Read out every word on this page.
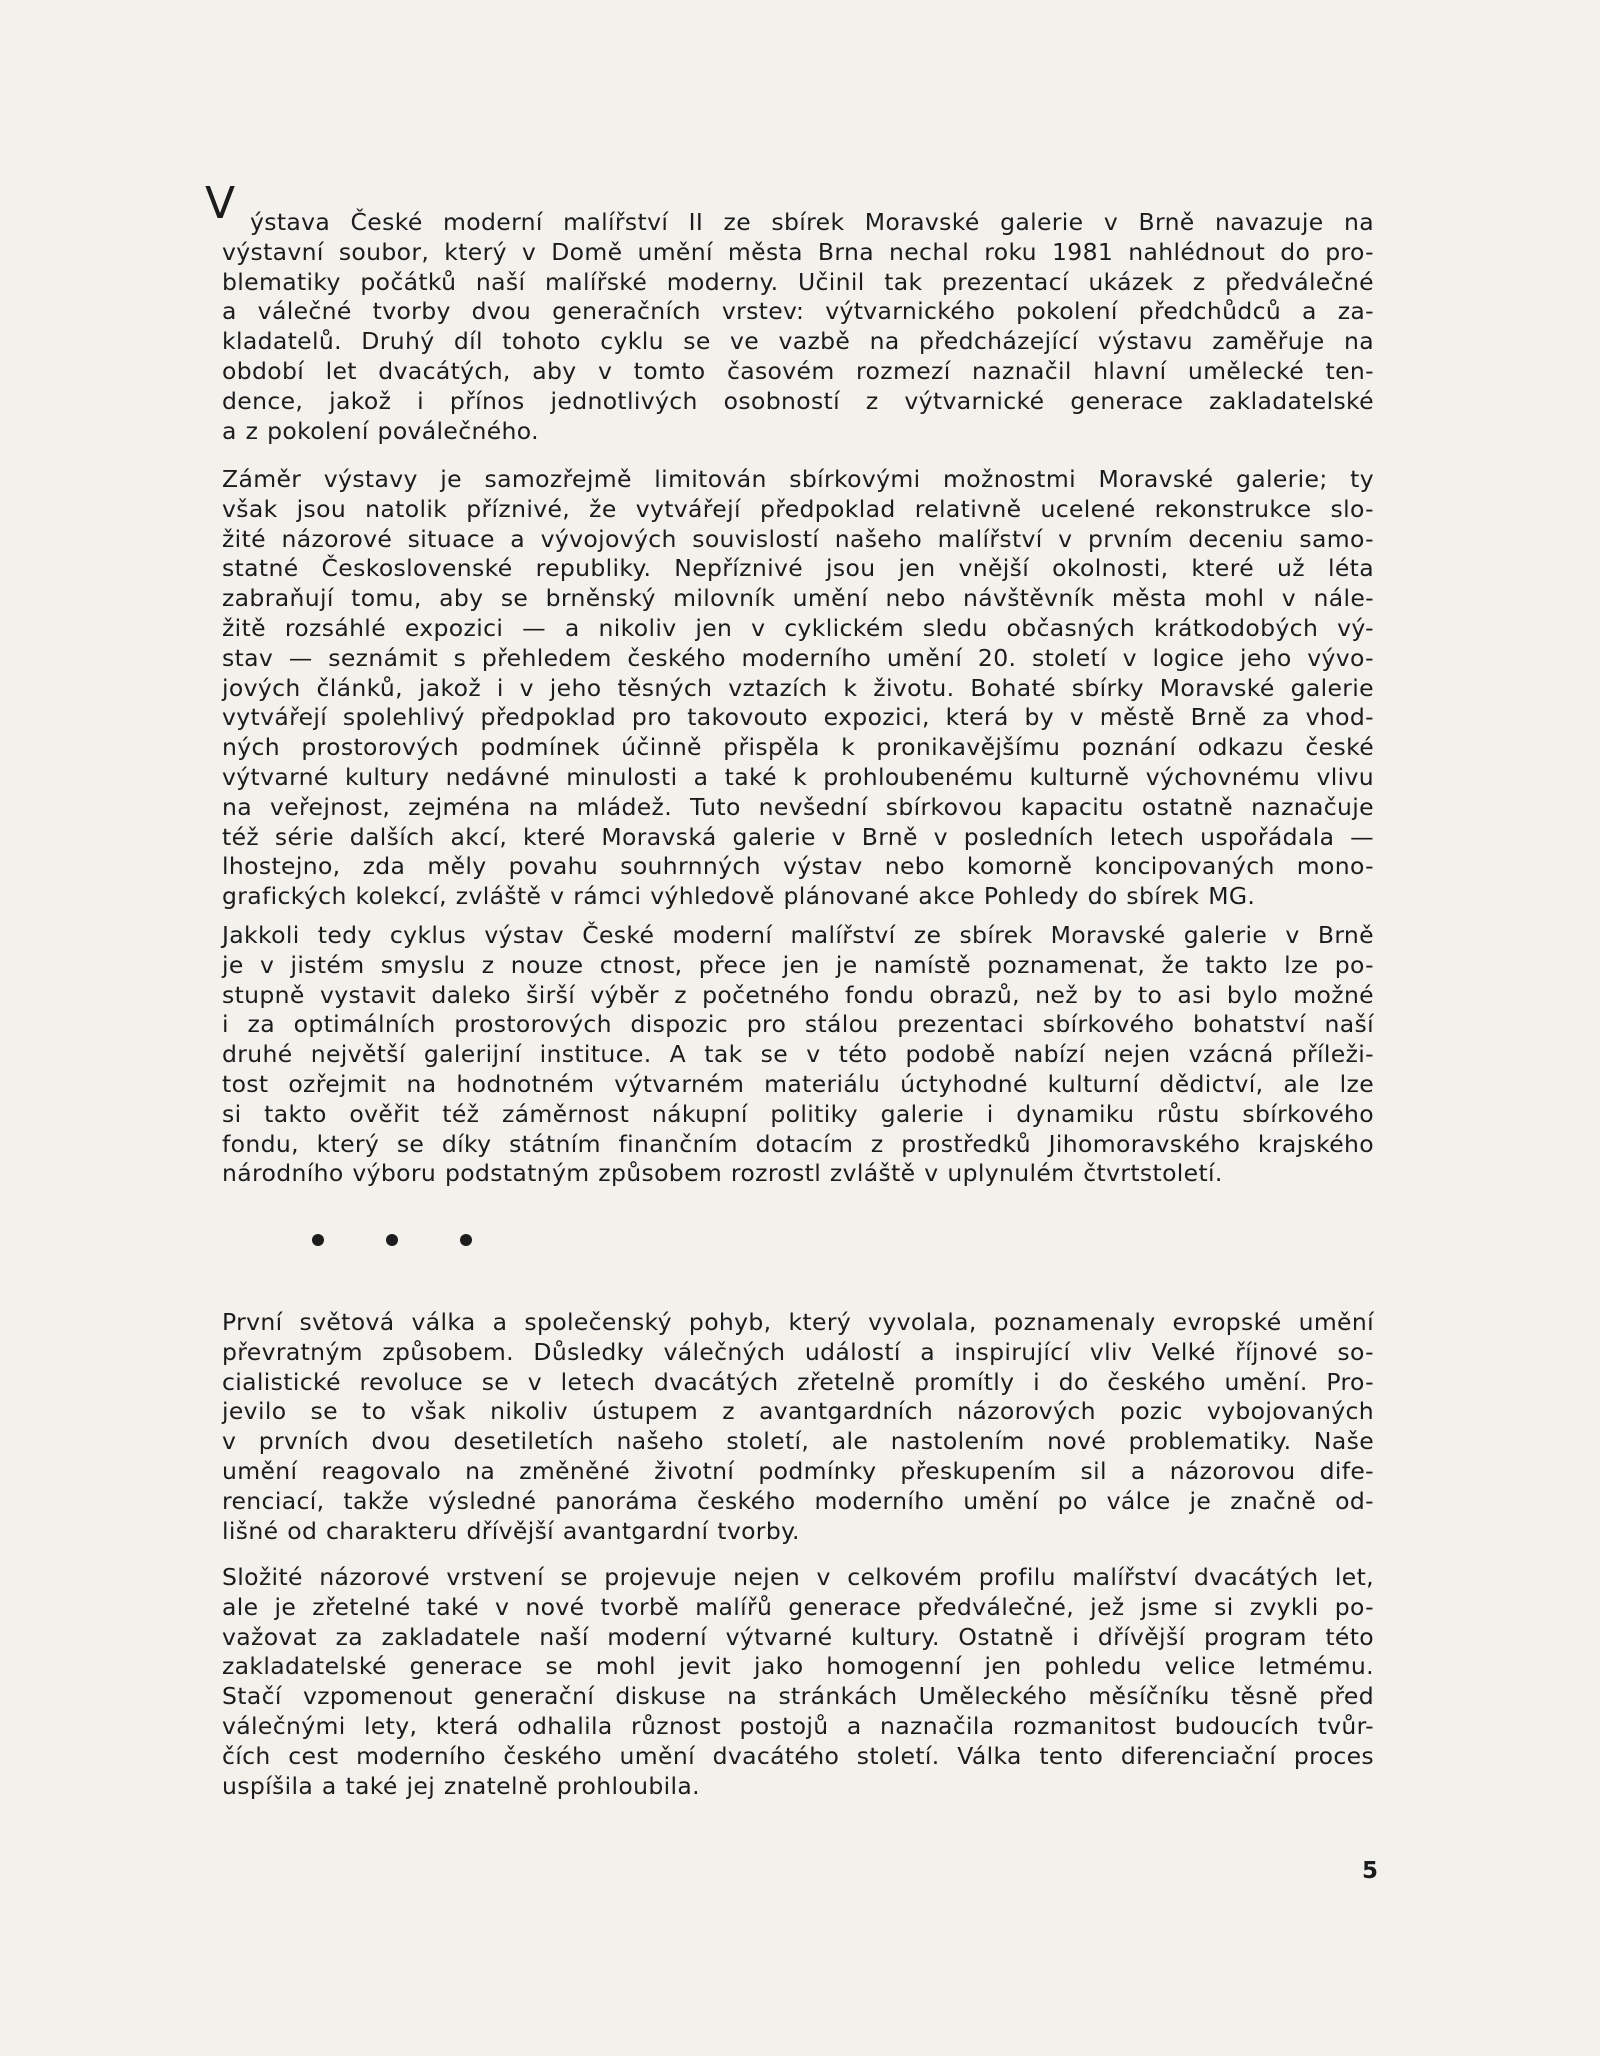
V ýstava České moderní malířství II ze sbírek Moravské galerie v Brně navazuje na
výstavní soubor, který v Domě umění města Brna nechal roku 1981 nahlédnout do pro-
blematiky počátků naší malířské moderny. Učinil tak prezentací ukázek z předválečné
a válečné tvorby dvou generačních vrstev: výtvarnického pokolení předchůdců a za-
kladatelů. Druhý díl tohoto cyklu se ve vazbě na předcházející výstavu zaměřuje na
období let dvacátých, aby v tomto časovém rozmezí naznačil hlavní umělecké ten-
dence, jakož i přínos jednotlivých osobností z výtvarnické generace zakladatelské
a z pokolení poválečného.

Záměr výstavy je samozřejmě limitován sbírkovými možnostmi Moravské galerie; ty
však jsou natolik příznivé, že vytvářejí předpoklad relativně ucelené rekonstrukce slo-
žité názorové situace a vývojových souvislostí našeho malířství v prvním deceniu samo-
statné Československé republiky. Nepříznivé jsou jen vnější okolnosti, které už léta
zabraňují tomu, aby se brněnský milovník umění nebo návštěvník města mohl v nále-
žitě rozsáhlé expozici — a nikoliv jen v cyklickém sledu občasných krátkodobých vý-
stav — seznámit s přehledem českého moderního umění 20. století v logice jeho vývo-
jových článků, jakož i v jeho těsných vztazích k životu. Bohaté sbírky Moravské galerie
vytvářejí spolehlivý předpoklad pro takovouto expozici, která by v městě Brně za vhod-
ných prostorových podmínek účinně přispěla k pronikavějšímu poznání odkazu české
výtvarné kultury nedávné minulosti a také k prohloubenému kulturně výchovnému vlivu
na veřejnost, zejména na mládež. Tuto nevšední sbírkovou kapacitu ostatně naznačuje
též série dalších akcí, které Moravská galerie v Brně v posledních letech uspořádala —
lhostejno, zda měly povahu souhrnných výstav nebo komorně koncipovaných mono-
grafických kolekcí, zvláště v rámci výhledově plánované akce Pohledy do sbírek MG.

Jakkoli tedy cyklus výstav České moderní malířství ze sbírek Moravské galerie v Brně
je v jistém smyslu z nouze ctnost, přece jen je namístě poznamenat, že takto lze po-
stupně vystavit daleko širší výběr z početného fondu obrazů, než by to asi bylo možné
i za optimálních prostorových dispozic pro stálou prezentaci sbírkového bohatství naší
druhé největší galerijní instituce. A tak se v této podobě nabízí nejen vzácná příleži-
tost ozřejmit na hodnotném výtvarném materiálu úctyhodné kulturní dědictví, ale lze
si takto ověřit též záměrnost nákupní politiky galerie i dynamiku růstu sbírkového
fondu, který se díky státním finančním dotacím z prostředků Jihomoravského krajského
národního výboru podstatným způsobem rozrostl zvláště v uplynulém čtvrtstoletí.

První světová válka a společenský pohyb, který vyvolala, poznamenaly evropské umění
převratným způsobem. Důsledky válečných událostí a inspirující vliv Velké říjnové so-
cialistické revoluce se v letech dvacátých zřetelně promítly i do českého umění. Pro-
jevilo se to však nikoliv ústupem z avantgardních názorových pozic vybojovaných
v prvních dvou desetiletích našeho století, ale nastolením nové problematiky. Naše
umění reagovalo na změněné životní podmínky přeskupením sil a názorovou dife-
renciací, takže výsledné panoráma českého moderního umění po válce je značně od-
lišné od charakteru dřívější avantgardní tvorby.

Složité názorové vrstvení se projevuje nejen v celkovém profilu malířství dvacátých let,
ale je zřetelné také v nové tvorbě malířů generace předválečné, jež jsme si zvykli po-
važovat za zakladatele naší moderní výtvarné kultury. Ostatně i dřívější program této
zakladatelské generace se mohl jevit jako homogenní jen pohledu velice letmému.
Stačí vzpomenout generační diskuse na stránkách Uměleckého měsíčníku těsně před
válečnými lety, která odhalila různost postojů a naznačila rozmanitost budoucích tvůr-
čích cest moderního českého umění dvacátého století. Válka tento diferenciační proces
uspíšila a také jej znatelně prohloubila.

5
